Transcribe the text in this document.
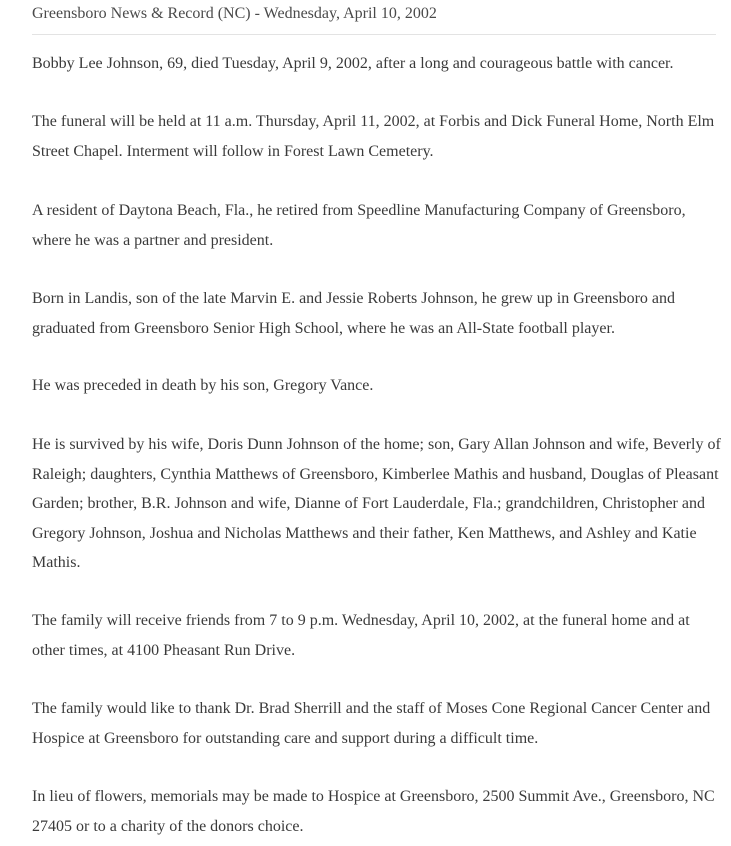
Greensboro News & Record (NC) - Wednesday, April 10, 2002

Bobby Lee Johnson, 69, died Tuesday, April 9, 2002, after a long and courageous battle with cancer.

The funeral will be held at 11 a.m. Thursday, April 11, 2002, at Forbis and Dick Funeral Home, North Elm Street Chapel. Interment will follow in Forest Lawn Cemetery.

A resident of Daytona Beach, Fla., he retired from Speedline Manufacturing Company of Greensboro, where he was a partner and president.

Born in Landis, son of the late Marvin E. and Jessie Roberts Johnson, he grew up in Greensboro and graduated from Greensboro Senior High School, where he was an All-State football player.

He was preceded in death by his son, Gregory Vance.

He is survived by his wife, Doris Dunn Johnson of the home; son, Gary Allan Johnson and wife, Beverly of Raleigh; daughters, Cynthia Matthews of Greensboro, Kimberlee Mathis and husband, Douglas of Pleasant Garden; brother, B.R. Johnson and wife, Dianne of Fort Lauderdale, Fla.; grandchildren, Christopher and Gregory Johnson, Joshua and Nicholas Matthews and their father, Ken Matthews, and Ashley and Katie Mathis.

The family will receive friends from 7 to 9 p.m. Wednesday, April 10, 2002, at the funeral home and at other times, at 4100 Pheasant Run Drive.

The family would like to thank Dr. Brad Sherrill and the staff of Moses Cone Regional Cancer Center and Hospice at Greensboro for outstanding care and support during a difficult time.

In lieu of flowers, memorials may be made to Hospice at Greensboro, 2500 Summit Ave., Greensboro, NC 27405 or to a charity of the donors choice.
